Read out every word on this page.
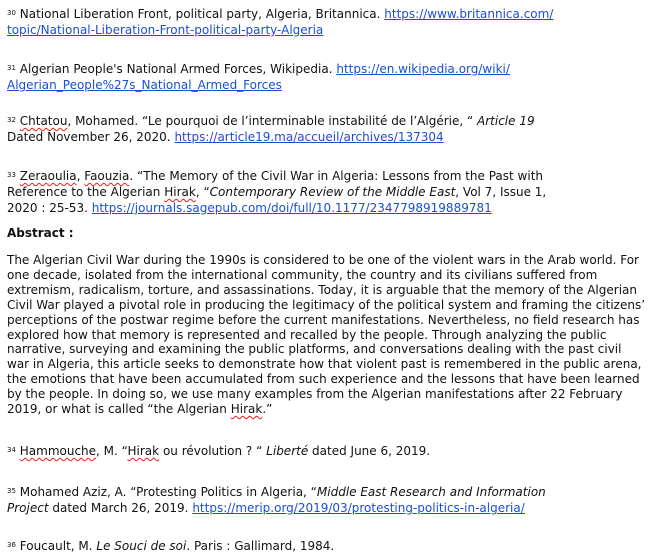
$^{30}$ National Liberation Front, political party, Algeria, Britannica. https://www.britannica.com/
topic/National-Liberation-Front-political-party-Algeria

$^{31}$ Algerian People's National Armed Forces, Wikipedia. https://en.wikipedia.org/wiki/
Algerian_People%27s_National_Armed_Forces

$^{32}$ Chtatou, Mohamed. “Le pourquoi de l’interminable instabilité de l’Algérie, “ Article 19
Dated November 26, 2020. https://article19.ma/accueil/archives/137304

$^{33}$ Zeraoulia, Faouzia. “The Memory of the Civil War in Algeria: Lessons from the Past with
Reference to the Algerian Hirak, “Contemporary Review of the Middle East, Vol 7, Issue 1,
2020 : 25-53. https://journals.sagepub.com/doi/full/10.1177/2347798919889781

Abstract :

The Algerian Civil War during the 1990s is considered to be one of the violent wars in the Arab world. For one decade, isolated from the international community, the country and its civilians suffered from extremism, radicalism, torture, and assassinations. Today, it is arguable that the memory of the Algerian Civil War played a pivotal role in producing the legitimacy of the political system and framing the citizens’ perceptions of the postwar regime before the current manifestations. Nevertheless, no field research has explored how that memory is represented and recalled by the people. Through analyzing the public narrative, surveying and examining the public platforms, and conversations dealing with the past civil war in Algeria, this article seeks to demonstrate how that violent past is remembered in the public arena, the emotions that have been accumulated from such experience and the lessons that have been learned by the people. In doing so, we use many examples from the Algerian manifestations after 22 February 2019, or what is called “the Algerian Hirak.”

$^{34}$ Hammouche, M. “Hirak ou révolution ? “ Liberté dated June 6, 2019.

$^{35}$ Mohamed Aziz, A. “Protesting Politics in Algeria, “Middle East Research and Information
Project dated March 26, 2019. https://merip.org/2019/03/protesting-politics-in-algeria/

$^{36}$ Foucault, M. Le Souci de soi. Paris : Gallimard, 1984.
